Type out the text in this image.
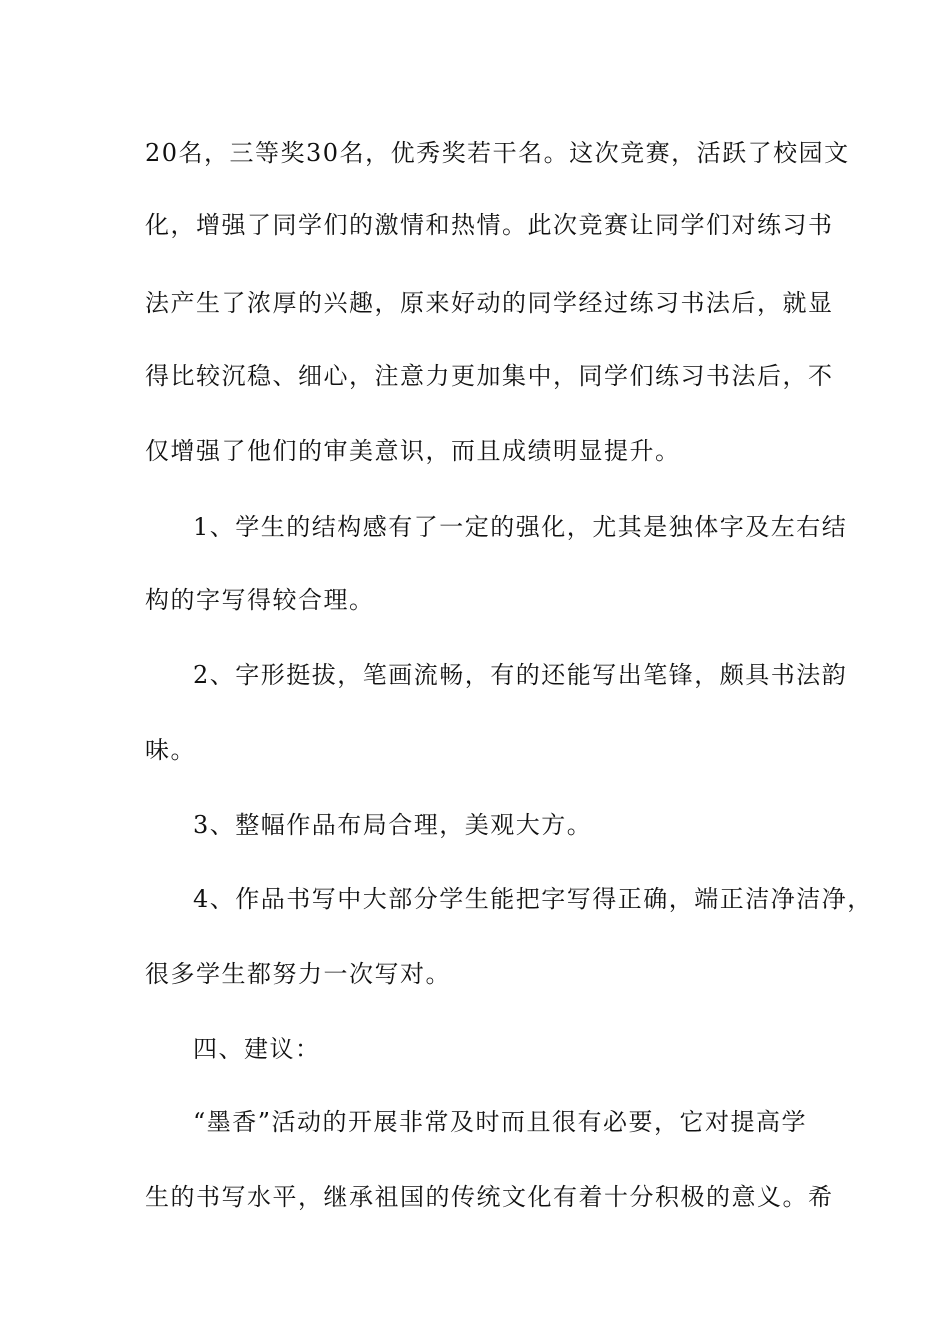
20名，三等奖30名，优秀奖若干名。这次竞赛，活跃了校园文
化，增强了同学们的激情和热情。此次竞赛让同学们对练习书
法产生了浓厚的兴趣，原来好动的同学经过练习书法后，就显
得比较沉稳、细心，注意力更加集中，同学们练习书法后，不
仅增强了他们的审美意识，而且成绩明显提升。
1、学生的结构感有了一定的强化，尤其是独体字及左右结
构的字写得较合理。
2、字形挺拔，笔画流畅，有的还能写出笔锋，颇具书法韵
味。
3、整幅作品布局合理，美观大方。
4、作品书写中大部分学生能把字写得正确，端正洁净洁净，
很多学生都努力一次写对。
四、建议：
“墨香”活动的开展非常及时而且很有必要，它对提高学
生的书写水平，继承祖国的传统文化有着十分积极的意义。希
